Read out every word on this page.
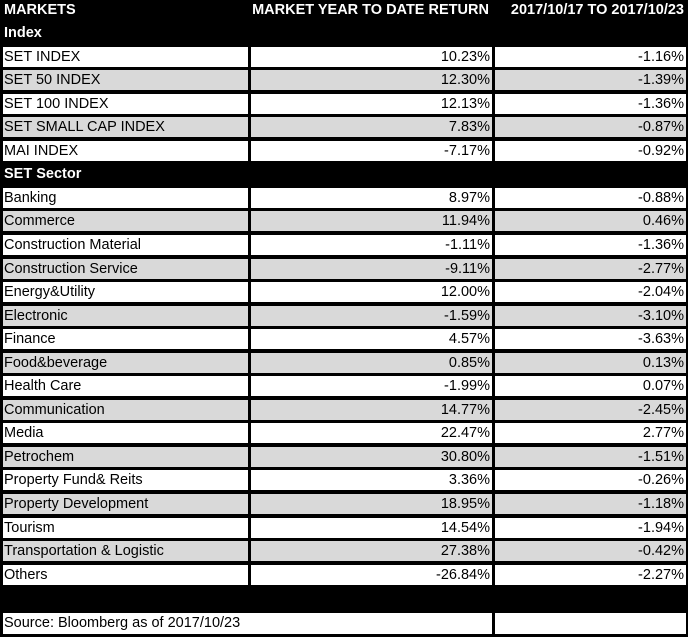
MARKETS	MARKET YEAR TO DATE RETURN	2017/10/17 TO 2017/10/23
Index
SET INDEX	10.23%	-1.16%
SET 50 INDEX	12.30%	-1.39%
SET 100 INDEX	12.13%	-1.36%
SET SMALL CAP INDEX	7.83%	-0.87%
MAI INDEX	-7.17%	-0.92%
SET Sector
Banking	8.97%	-0.88%
Commerce	11.94%	0.46%
Construction Material	-1.11%	-1.36%
Construction Service	-9.11%	-2.77%
Energy&Utility	12.00%	-2.04%
Electronic	-1.59%	-3.10%
Finance	4.57%	-3.63%
Food&beverage	0.85%	0.13%
Health Care	-1.99%	0.07%
Communication	14.77%	-2.45%
Media	22.47%	2.77%
Petrochem	30.80%	-1.51%
Property Fund& Reits	3.36%	-0.26%
Property Development	18.95%	-1.18%
Tourism	14.54%	-1.94%
Transportation & Logistic	27.38%	-0.42%
Others	-26.84%	-2.27%
Source: Bloomberg as of 2017/10/23
